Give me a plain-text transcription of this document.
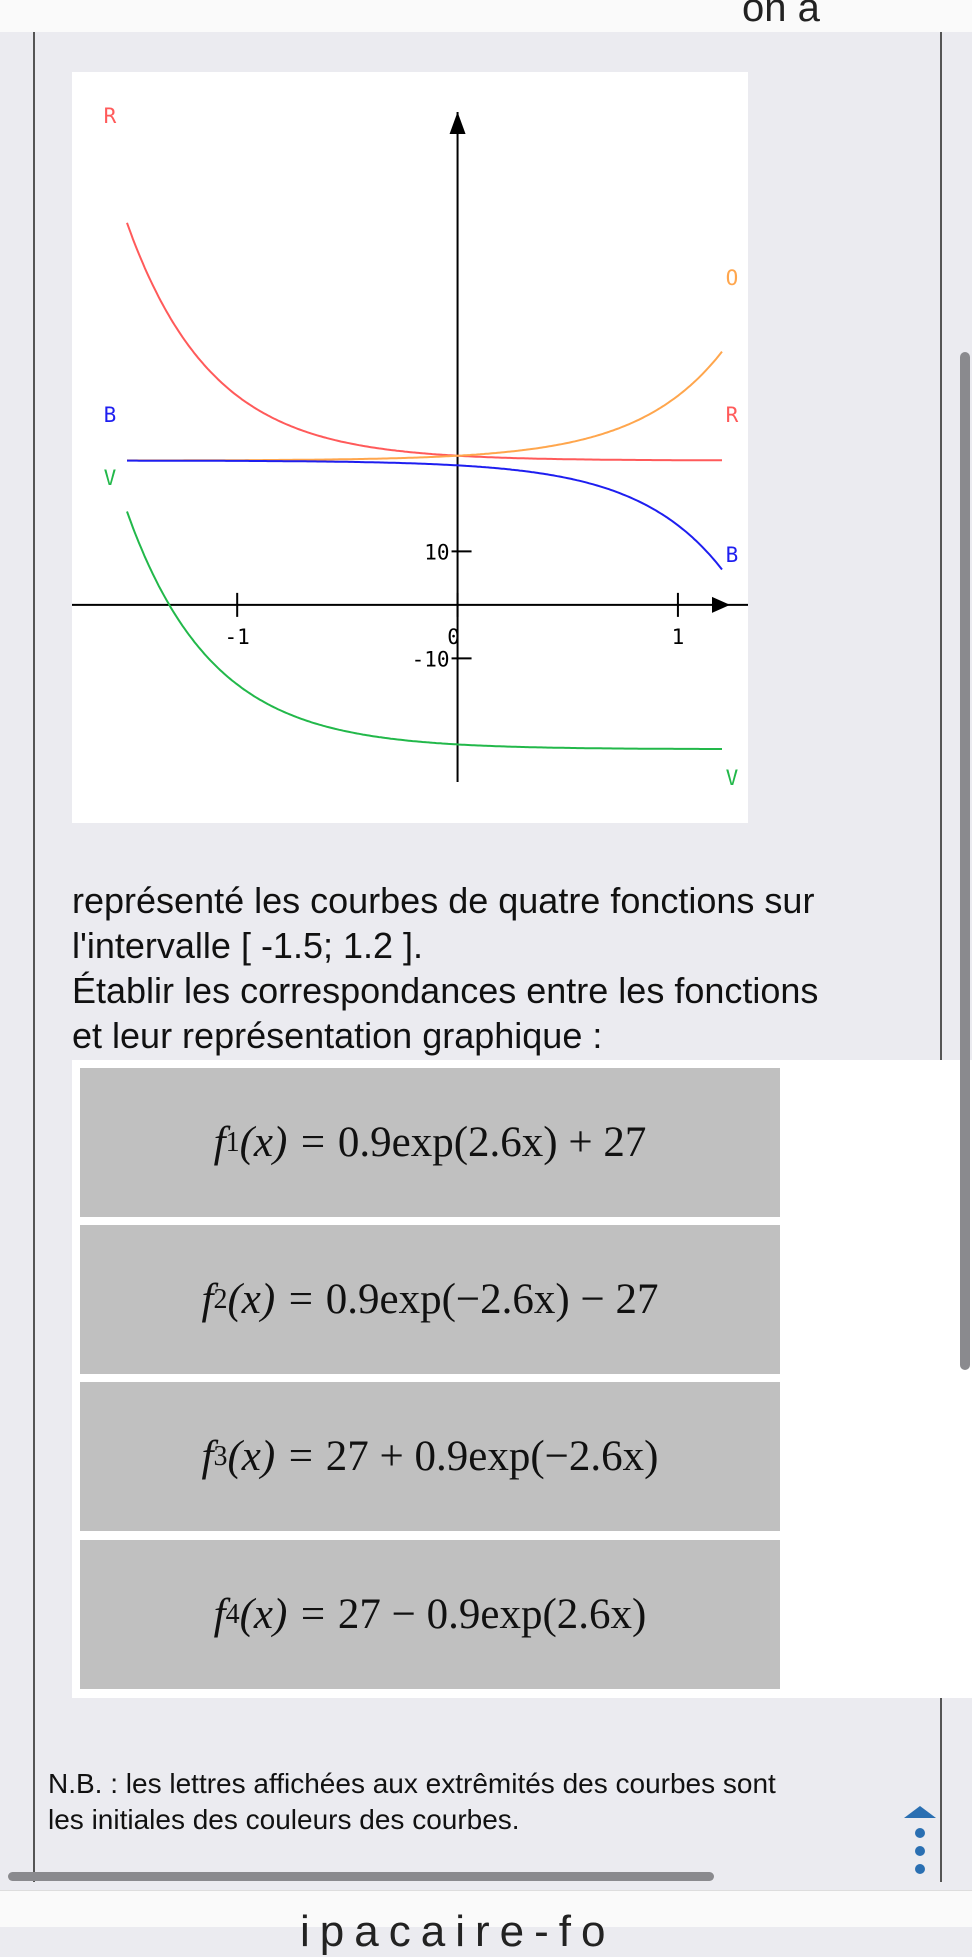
on a
-1	0	1
10
-10
R
R
O
B
B
V
V
représenté les courbes de quatre fonctions sur
l'intervalle [ -1.5; 1.2 ].
Établir les correspondances entre les fonctions
et leur représentation graphique :
f 1 (x) =
0.9exp(2.6x) + 27
f 2 (x) =
0.9exp(−2.6x) − 27
f 3 (x) =
27 + 0.9exp(−2.6x)
f 4 (x) =
27 − 0.9exp(2.6x)
N.B. : les lettres affichées aux extrêmités des courbes sont
les initiales des couleurs des courbes.
ipacaire-fo
